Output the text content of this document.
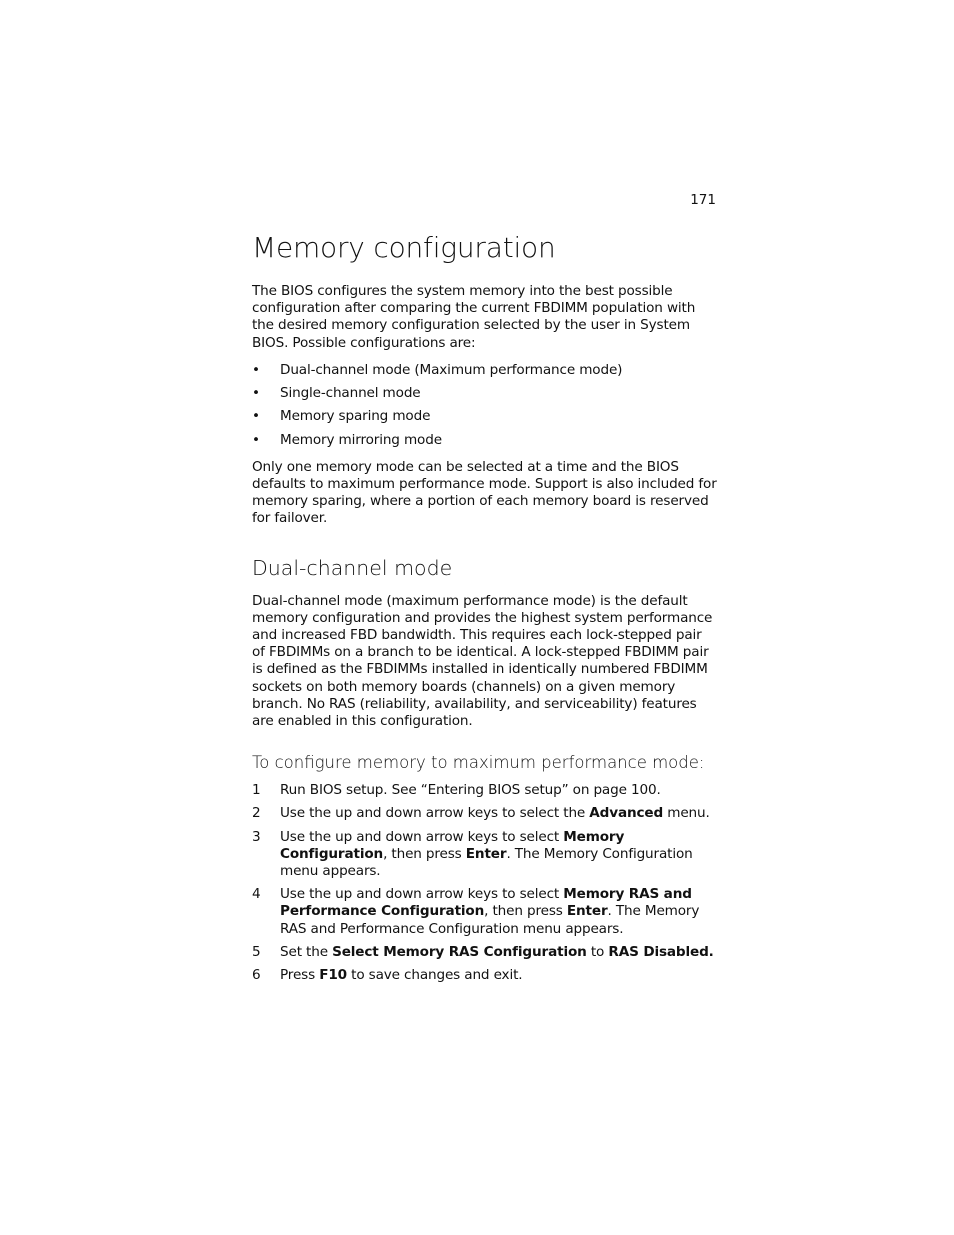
171
Memory configuration

The BIOS configures the system memory into the best possible configuration after comparing the current FBDIMM population with the desired memory configuration selected by the user in System BIOS. Possible configurations are:

• Dual-channel mode (Maximum performance mode)
• Single-channel mode
• Memory sparing mode
• Memory mirroring mode

Only one memory mode can be selected at a time and the BIOS defaults to maximum performance mode. Support is also included for memory sparing, where a portion of each memory board is reserved for failover.

Dual-channel mode

Dual-channel mode (maximum performance mode) is the default memory configuration and provides the highest system performance and increased FBD bandwidth. This requires each lock-stepped pair of FBDIMMs on a branch to be identical. A lock-stepped FBDIMM pair is defined as the FBDIMMs installed in identically numbered FBDIMM sockets on both memory boards (channels) on a given memory branch. No RAS (reliability, availability, and serviceability) features are enabled in this configuration.

To configure memory to maximum performance mode:
1 Run BIOS setup. See “Entering BIOS setup” on page 100.
2 Use the up and down arrow keys to select the Advanced menu.
3 Use the up and down arrow keys to select Memory Configuration, then press Enter. The Memory Configuration menu appears.
4 Use the up and down arrow keys to select Memory RAS and Performance Configuration, then press Enter. The Memory RAS and Performance Configuration menu appears.
5 Set the Select Memory RAS Configuration to RAS Disabled.
6 Press F10 to save changes and exit.
